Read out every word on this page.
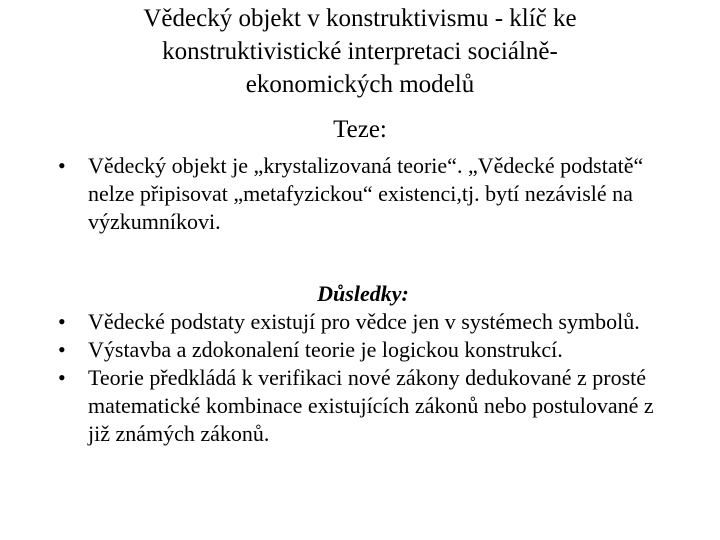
Vědecký objekt v konstruktivismu - klíč ke
konstruktivistické interpretaci sociálně-
ekonomických modelů
Teze:
•	Vědecký objekt je „krystalizovaná teorie“. „Vědecké podstatě“ nelze připisovat „metafyzickou“ existenci,tj. bytí nezávislé na výzkumníkovi.
Důsledky:
•	Vědecké podstaty existují pro vědce jen v systémech symbolů.
•	Výstavba a zdokonalení teorie je logickou konstrukcí.
•	Teorie předkládá k verifikaci nové zákony dedukované z prosté matematické kombinace existujících zákonů nebo postulované z již známých zákonů.
